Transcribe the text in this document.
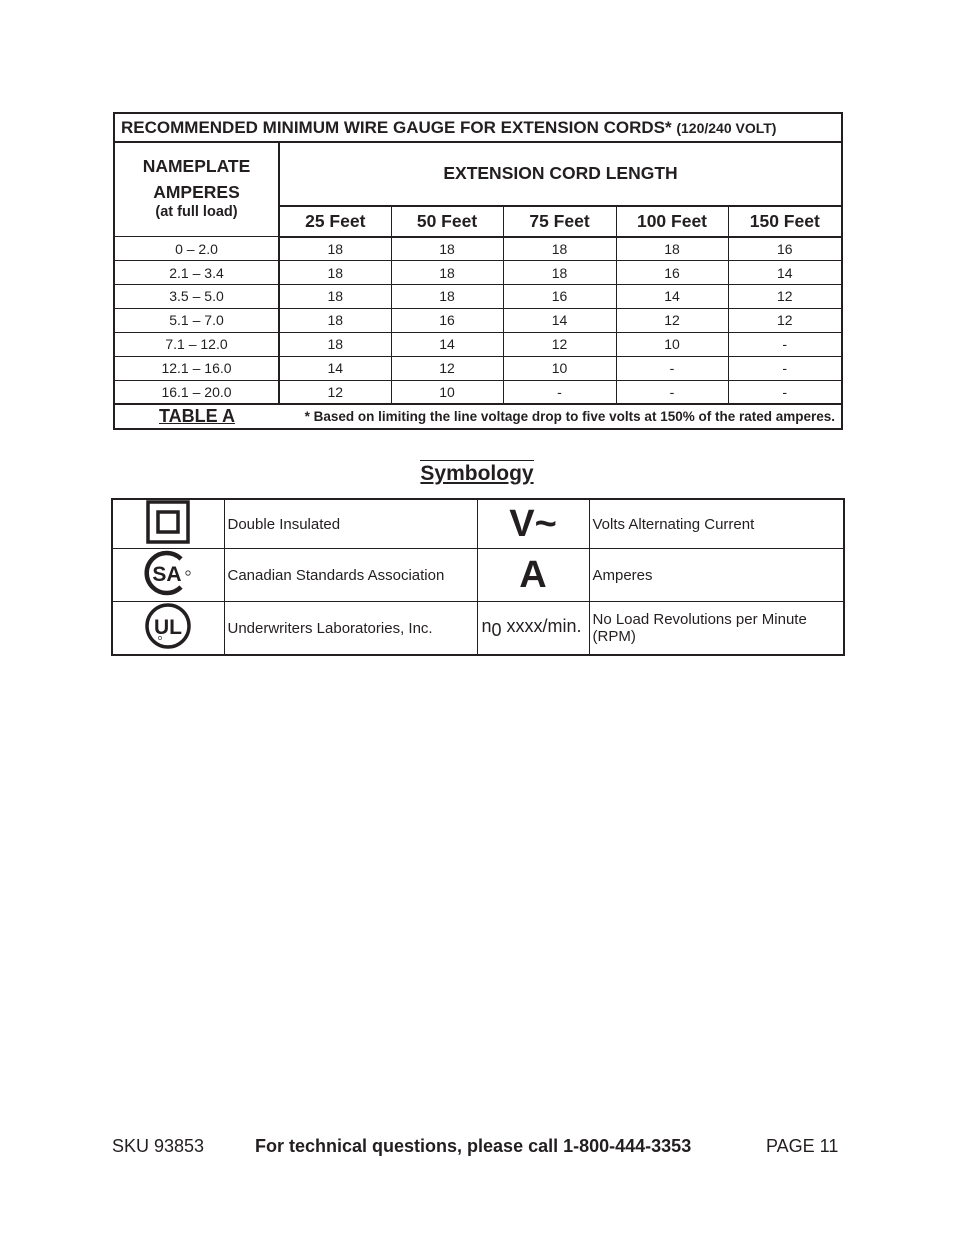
RECOMMENDED MINIMUM WIRE GAUGE FOR EXTENSION CORDS* (120/240 VOLT)					
NAMEPLATE
AMPERES
(at full load)	EXTENSION CORD LENGTH				
	25 Feet	50 Feet	75 Feet	100 Feet	150 Feet
0 – 2.0	18	18	18	18	16
2.1 – 3.4	18	18	18	16	14
3.5 – 5.0	18	18	16	14	12
5.1 – 7.0	18	16	14	12	12
7.1 – 12.0	18	14	12	10	-
12.1 – 16.0	14	12	10	-	-
16.1 – 20.0	12	10	-	-	-
TABLE A	* Based on limiting the line voltage drop to five volts at 150% of the rated amperes.				
Symbology
	Double Insulated	V~	Volts Alternating Current

SA	Canadian Standards Association	A	Amperes

UL	Underwriters Laboratories, Inc.	$n_0$ xxxx/min.	No Load Revolutions per Minute (RPM)
SKU 93853	For technical questions, please call 1-800-444-3353	PAGE 11
